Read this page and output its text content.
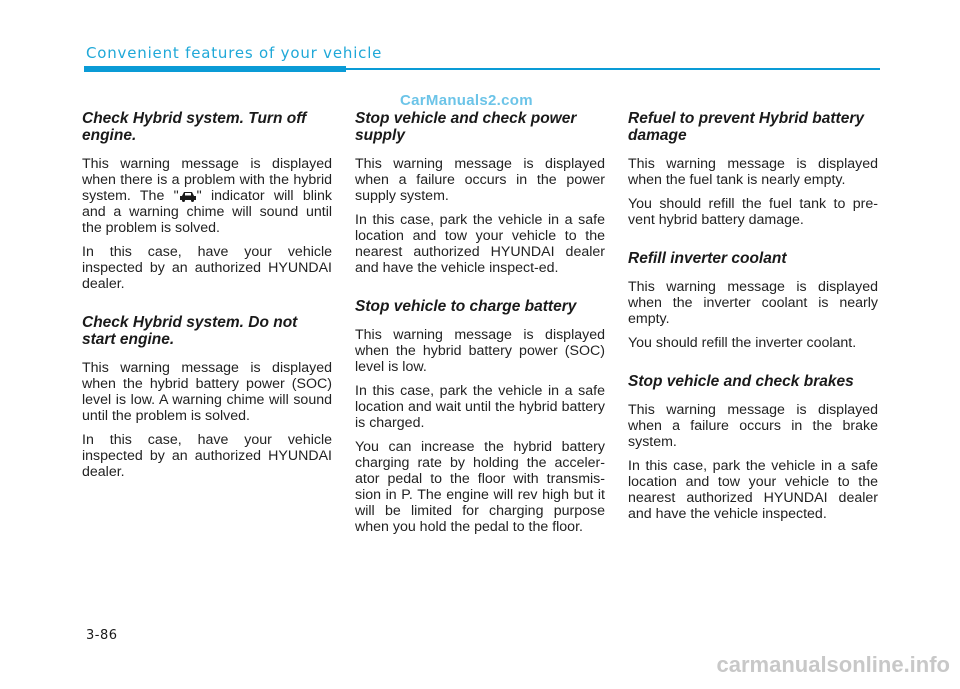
Convenient features of your vehicle
CarManuals2.com
Check Hybrid system. Turn off engine.

This warning message is displayed when there is a problem with the hybrid system. The " " indicator will blink and a warning chime will sound until the problem is solved.

In this case, have your vehicle inspected by an authorized HYUNDAI dealer.

Check Hybrid system. Do not start engine.

This warning message is displayed when the hybrid battery power (SOC) level is low. A warning chime will sound until the problem is solved.

In this case, have your vehicle inspected by an authorized HYUNDAI dealer.

Stop vehicle and check power supply

This warning message is displayed when a failure occurs in the power supply system.

In this case, park the vehicle in a safe location and tow your vehicle to the nearest authorized HYUNDAI dealer and have the vehicle inspect-ed.

Stop vehicle to charge battery

This warning message is displayed when the hybrid battery power (SOC) level is low.

In this case, park the vehicle in a safe location and wait until the hybrid battery is charged.

You can increase the hybrid battery charging rate by holding the acceler-ator pedal to the floor with transmis-sion in P. The engine will rev high but it will be limited for charging purpose when you hold the pedal to the floor.

Refuel to prevent Hybrid battery damage

This warning message is displayed when the fuel tank is nearly empty.

You should refill the fuel tank to pre-vent hybrid battery damage.

Refill inverter coolant

This warning message is displayed when the inverter coolant is nearly empty.

You should refill the inverter coolant.

Stop vehicle and check brakes

This warning message is displayed when a failure occurs in the brake system.

In this case, park the vehicle in a safe location and tow your vehicle to the nearest authorized HYUNDAI dealer and have the vehicle inspected.

3-86
carmanualsonline.info
